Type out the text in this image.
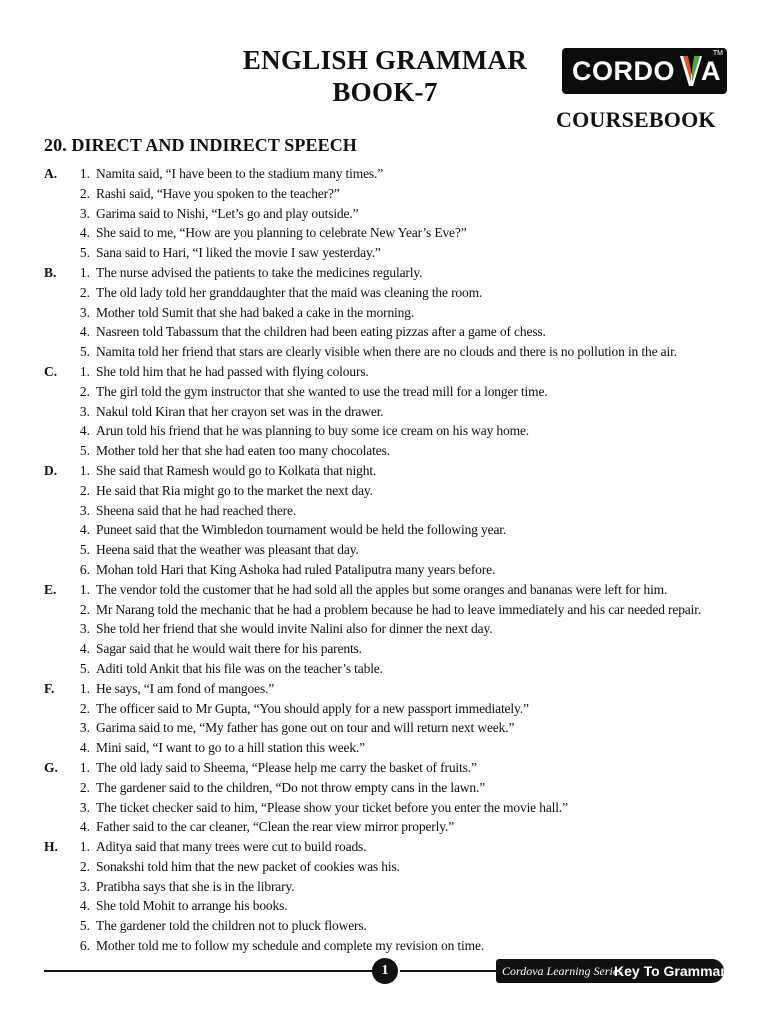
ENGLISH GRAMMAR
BOOK-7
CORDO A
TM
COURSEBOOK
20. DIRECT AND INDIRECT SPEECH
A.	1. Namita said, “I have been to the stadium many times.”
2. Rashi said, “Have you spoken to the teacher?”
3. Garima said to Nishi, “Let’s go and play outside.”
4. She said to me, “How are you planning to celebrate New Year’s Eve?”
5. Sana said to Hari, “I liked the movie I saw yesterday.”
B.	1. The nurse advised the patients to take the medicines regularly.
2. The old lady told her granddaughter that the maid was cleaning the room.
3. Mother told Sumit that she had baked a cake in the morning.
4. Nasreen told Tabassum that the children had been eating pizzas after a game of chess.
5. Namita told her friend that stars are clearly visible when there are no clouds and there is no pollution in the air.
C.	1. She told him that he had passed with flying colours.
2. The girl told the gym instructor that she wanted to use the tread mill for a longer time.
3. Nakul told Kiran that her crayon set was in the drawer.
4. Arun told his friend that he was planning to buy some ice cream on his way home.
5. Mother told her that she had eaten too many chocolates.
D.	1. She said that Ramesh would go to Kolkata that night.
2. He said that Ria might go to the market the next day.
3. Sheena said that he had reached there.
4. Puneet said that the Wimbledon tournament would be held the following year.
5. Heena said that the weather was pleasant that day.
6. Mohan told Hari that King Ashoka had ruled Pataliputra many years before.
E.	1. The vendor told the customer that he had sold all the apples but some oranges and bananas were left for him.
2. Mr Narang told the mechanic that he had a problem because he had to leave immediately and his car needed repair.
3. She told her friend that she would invite Nalini also for dinner the next day.
4. Sagar said that he would wait there for his parents.
5. Aditi told Ankit that his file was on the teacher’s table.
F.	1. He says, “I am fond of mangoes.”
2. The officer said to Mr Gupta, “You should apply for a new passport immediately.”
3. Garima said to me, “My father has gone out on tour and will return next week.”
4. Mini said, “I want to go to a hill station this week.”
G.	1. The old lady said to Sheema, “Please help me carry the basket of fruits.”
2. The gardener said to the children, “Do not throw empty cans in the lawn.”
3. The ticket checker said to him, “Please show your ticket before you enter the movie hall.”
4. Father said to the car cleaner, “Clean the rear view mirror properly.”
H.	1. Aditya said that many trees were cut to build roads.
2. Sonakshi told him that the new packet of cookies was his.
3. Pratibha says that she is in the library.
4. She told Mohit to arrange his books.
5. The gardener told the children not to pluck flowers.
6. Mother told me to follow my schedule and complete my revision on time.
1	Cordova Learning Series
Key To Grammar-7
